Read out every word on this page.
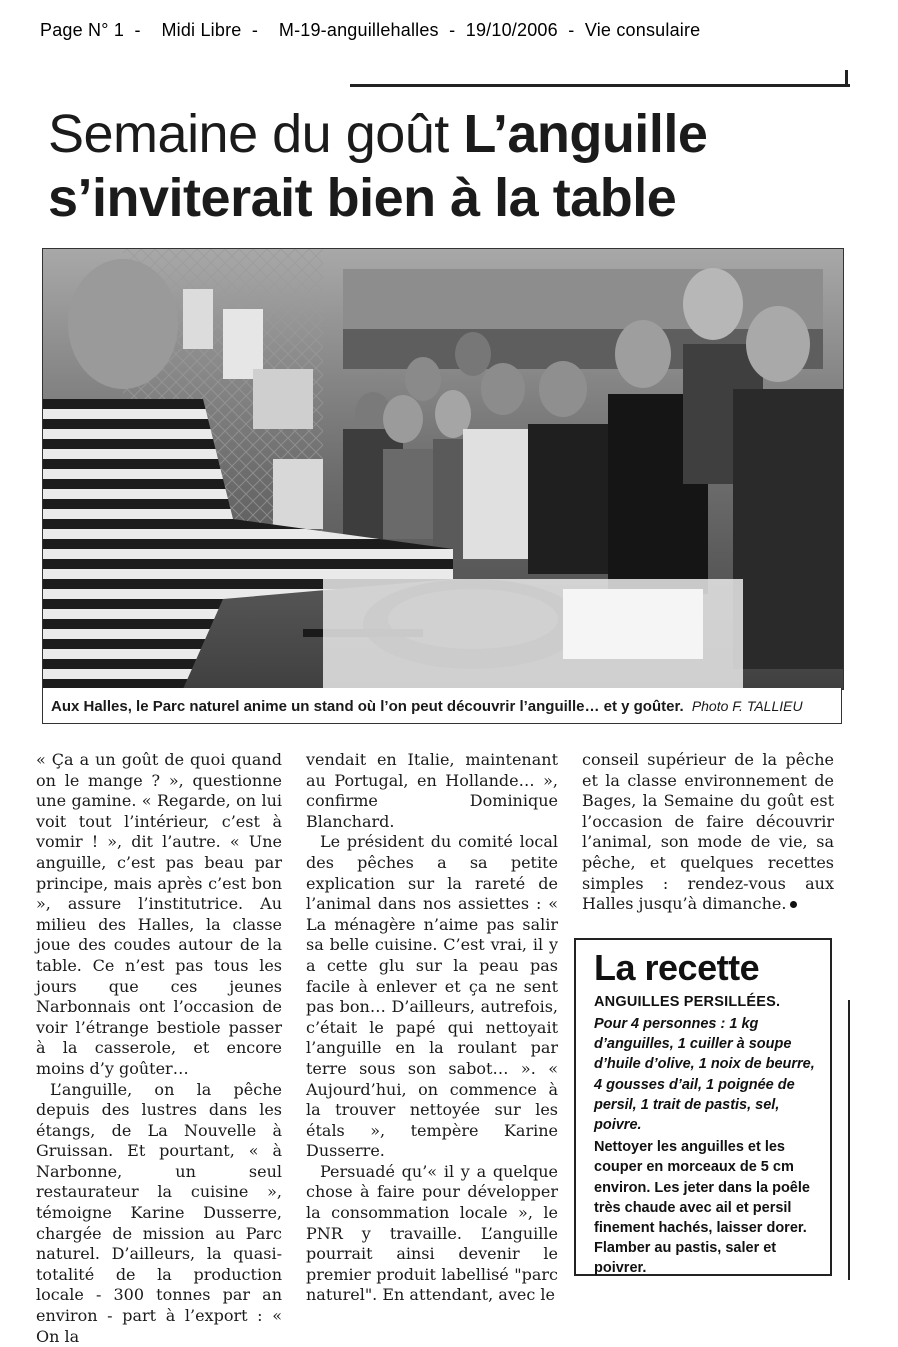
Page N° 1  -    Midi Libre  -    M-19-anguillehalles  -  19/10/2006  -  Vie consulaire
Semaine du goût L’anguille
s’inviterait bien à la table
Aux Halles, le Parc naturel anime un stand où l’on peut découvrir l’anguille… et y goûter. Photo F. TALLIEU

« Ça a un goût de quoi quand on le mange ? », questionne une gamine. « Regarde, on lui voit tout l’intérieur, c’est à vomir ! », dit l’autre. « Une anguille, c’est pas beau par principe, mais après c’est bon », assure l’institutrice. Au milieu des Halles, la classe joue des coudes autour de la table. Ce n’est pas tous les jours que ces jeunes Narbonnais ont l’occasion de voir l’étrange bestiole passer à la casserole, et encore moins d’y goûter…

L’anguille, on la pêche depuis des lustres dans les étangs, de La Nouvelle à Gruissan. Et pourtant, « à Narbonne, un seul restaurateur la cuisine », témoigne Karine Dusserre, chargée de mission au Parc naturel. D’ailleurs, la quasi-totalité de la production locale - 300 tonnes par an environ - part à l’export : « On la

vendait en Italie, maintenant au Portugal, en Hollande… », confirme Dominique Blanchard.

Le président du comité local des pêches a sa petite explication sur la rareté de l’animal dans nos assiettes : « La ménagère n’aime pas salir sa belle cuisine. C’est vrai, il y a cette glu sur la peau pas facile à enlever et ça ne sent pas bon… D’ailleurs, autrefois, c’était le papé qui nettoyait l’anguille en la roulant par terre sous son sabot… ». « Aujourd’hui, on commence à la trouver nettoyée sur les étals », tempère Karine Dusserre.

Persuadé qu’« il y a quelque chose à faire pour développer la consommation locale », le PNR y travaille. L’anguille pourrait ainsi devenir le premier produit labellisé "parc naturel". En attendant, avec le

conseil supérieur de la pêche et la classe environnement de Bages, la Semaine du goût est l’occasion de faire découvrir l’animal, son mode de vie, sa pêche, et quelques recettes simples : rendez-vous aux Halles jusqu’à dimanche.

La recette
ANGUILLES PERSILLÉES.
Pour 4 personnes : 1 kg d’anguilles, 1 cuiller à soupe d’huile d’olive, 1 noix de beurre, 4 gousses d’ail, 1 poignée de persil, 1 trait de pastis, sel, poivre.
Nettoyer les anguilles et les couper en morceaux de 5 cm environ. Les jeter dans la poêle très chaude avec ail et persil finement hachés, laisser dorer. Flamber au pastis, saler et poivrer.
